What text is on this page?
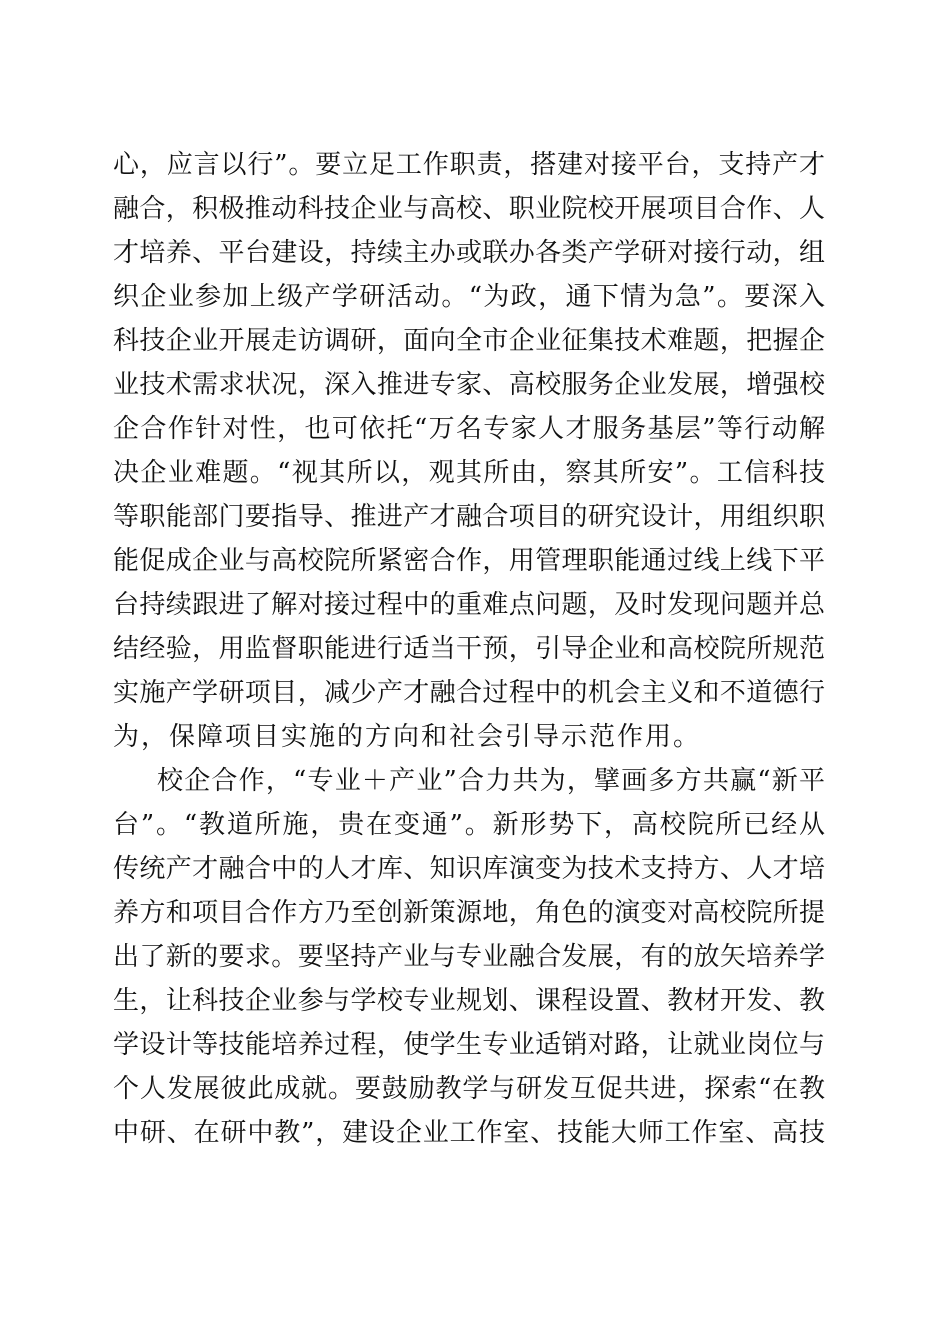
心，应言以行”。要立足工作职责，搭建对接平台，支持产才
融合，积极推动科技企业与高校、职业院校开展项目合作、人
才培养、平台建设，持续主办或联办各类产学研对接行动，组
织企业参加上级产学研活动。“为政，通下情为急”。要深入
科技企业开展走访调研，面向全市企业征集技术难题，把握企
业技术需求状况，深入推进专家、高校服务企业发展，增强校
企合作针对性，也可依托“万名专家人才服务基层”等行动解
决企业难题。“视其所以，观其所由，察其所安”。工信科技
等职能部门要指导、推进产才融合项目的研究设计，用组织职
能促成企业与高校院所紧密合作，用管理职能通过线上线下平
台持续跟进了解对接过程中的重难点问题，及时发现问题并总
结经验，用监督职能进行适当干预，引导企业和高校院所规范
实施产学研项目，减少产才融合过程中的机会主义和不道德行
为，保障项目实施的方向和社会引导示范作用。
校企合作，“专业＋产业”合力共为，擘画多方共赢“新平
台”。“教道所施，贵在变通”。新形势下，高校院所已经从
传统产才融合中的人才库、知识库演变为技术支持方、人才培
养方和项目合作方乃至创新策源地，角色的演变对高校院所提
出了新的要求。要坚持产业与专业融合发展，有的放矢培养学
生，让科技企业参与学校专业规划、课程设置、教材开发、教
学设计等技能培养过程，使学生专业适销对路，让就业岗位与
个人发展彼此成就。要鼓励教学与研发互促共进，探索“在教
中研、在研中教”，建设企业工作室、技能大师工作室、高技
